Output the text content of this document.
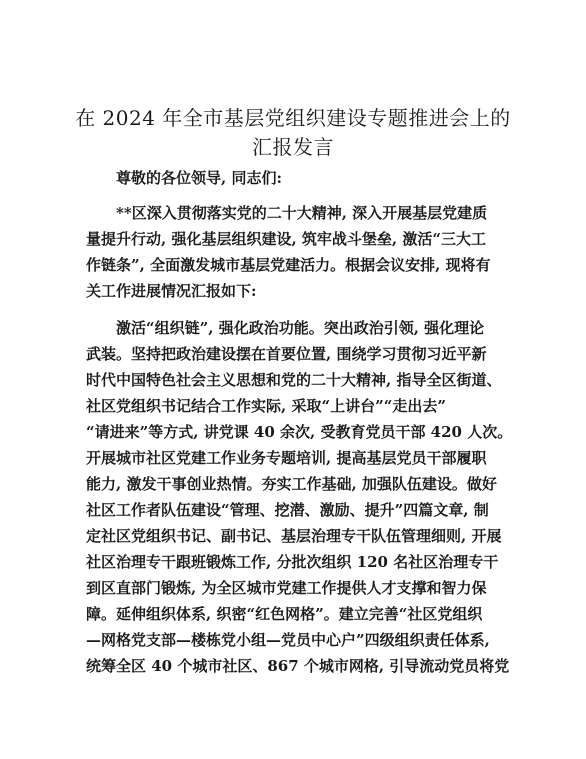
在 2024 年全市基层党组织建设专题推进会上的
汇报发言

尊敬的各位领导, 同志们:

**区深入贯彻落实党的二十大精神, 深入开展基层党建质

量提升行动, 强化基层组织建设, 筑牢战斗堡垒, 激活“三大工

作链条”, 全面激发城市基层党建活力。根据会议安排, 现将有

关工作进展情况汇报如下:

激活“组织链”, 强化政治功能。突出政治引领, 强化理论

武装。坚持把政治建设摆在首要位置, 围绕学习贯彻习近平新

时代中国特色社会主义思想和党的二十大精神, 指导全区街道、

社区党组织书记结合工作实际, 采取“上讲台”“走出去”

“请进来”等方式, 讲党课 40 余次, 受教育党员干部 420 人次。

开展城市社区党建工作业务专题培训, 提高基层党员干部履职

能力, 激发干事创业热情。夯实工作基础, 加强队伍建设。做好

社区工作者队伍建设“管理、挖潜、激励、提升”四篇文章, 制

定社区党组织书记、副书记、基层治理专干队伍管理细则, 开展

社区治理专干跟班锻炼工作, 分批次组织 120 名社区治理专干

到区直部门锻炼, 为全区城市党建工作提供人才支撑和智力保

障。延伸组织体系, 织密“红色网格”。建立完善“社区党组织

—网格党支部—楼栋党小组—党员中心户”四级组织责任体系,

统筹全区 40 个城市社区、867 个城市网格, 引导流动党员将党
